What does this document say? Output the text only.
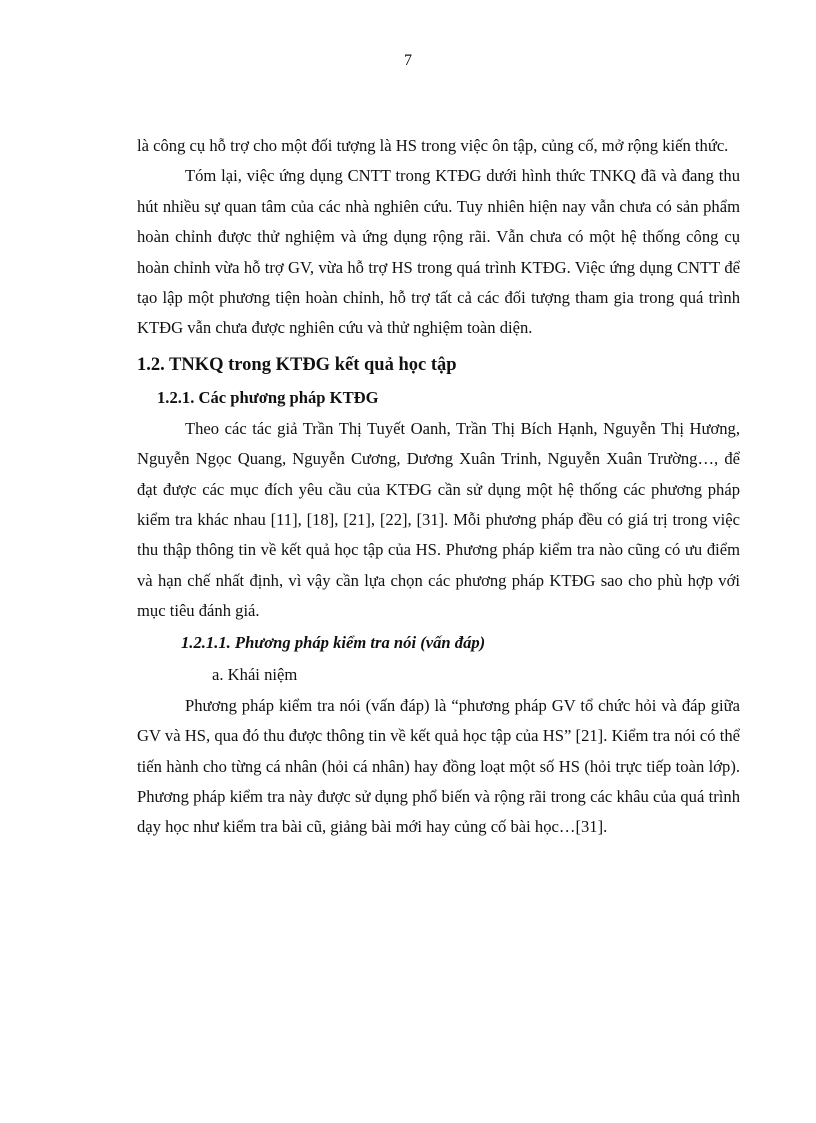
7

là công cụ hỗ trợ cho một đối tượng là HS trong việc ôn tập, củng cố, mở rộng kiến thức.

Tóm lại, việc ứng dụng CNTT trong KTĐG dưới hình thức TNKQ đã và đang thu hút nhiều sự quan tâm của các nhà nghiên cứu. Tuy nhiên hiện nay vẫn chưa có sản phẩm hoàn chỉnh được thử nghiệm và ứng dụng rộng rãi. Vẫn chưa có một hệ thống công cụ hoàn chỉnh vừa hỗ trợ GV, vừa hỗ trợ HS trong quá trình KTĐG. Việc ứng dụng CNTT để tạo lập một phương tiện hoàn chỉnh, hỗ trợ tất cả các đối tượng tham gia trong quá trình KTĐG vẫn chưa được nghiên cứu và thử nghiệm toàn diện.

1.2. TNKQ trong KTĐG kết quả học tập
1.2.1. Các phương pháp KTĐG

Theo các tác giả Trần Thị Tuyết Oanh, Trần Thị Bích Hạnh, Nguyễn Thị Hương, Nguyễn Ngọc Quang, Nguyễn Cương, Dương Xuân Trinh, Nguyễn Xuân Trường…, để đạt được các mục đích yêu cầu của KTĐG cần sử dụng một hệ thống các phương pháp kiểm tra khác nhau [11], [18], [21], [22], [31]. Mỗi phương pháp đều có giá trị trong việc thu thập thông tin về kết quả học tập của HS. Phương pháp kiểm tra nào cũng có ưu điểm và hạn chế nhất định, vì vậy cần lựa chọn các phương pháp KTĐG sao cho phù hợp với mục tiêu đánh giá.

1.2.1.1. Phương pháp kiểm tra nói (vấn đáp)
a. Khái niệm

Phương pháp kiểm tra nói (vấn đáp) là “phương pháp GV tổ chức hỏi và đáp giữa GV và HS, qua đó thu được thông tin về kết quả học tập của HS” [21]. Kiểm tra nói có thể tiến hành cho từng cá nhân (hỏi cá nhân) hay đồng loạt một số HS (hỏi trực tiếp toàn lớp). Phương pháp kiểm tra này được sử dụng phổ biến và rộng rãi trong các khâu của quá trình dạy học như kiểm tra bài cũ, giảng bài mới hay củng cố bài học…[31].
